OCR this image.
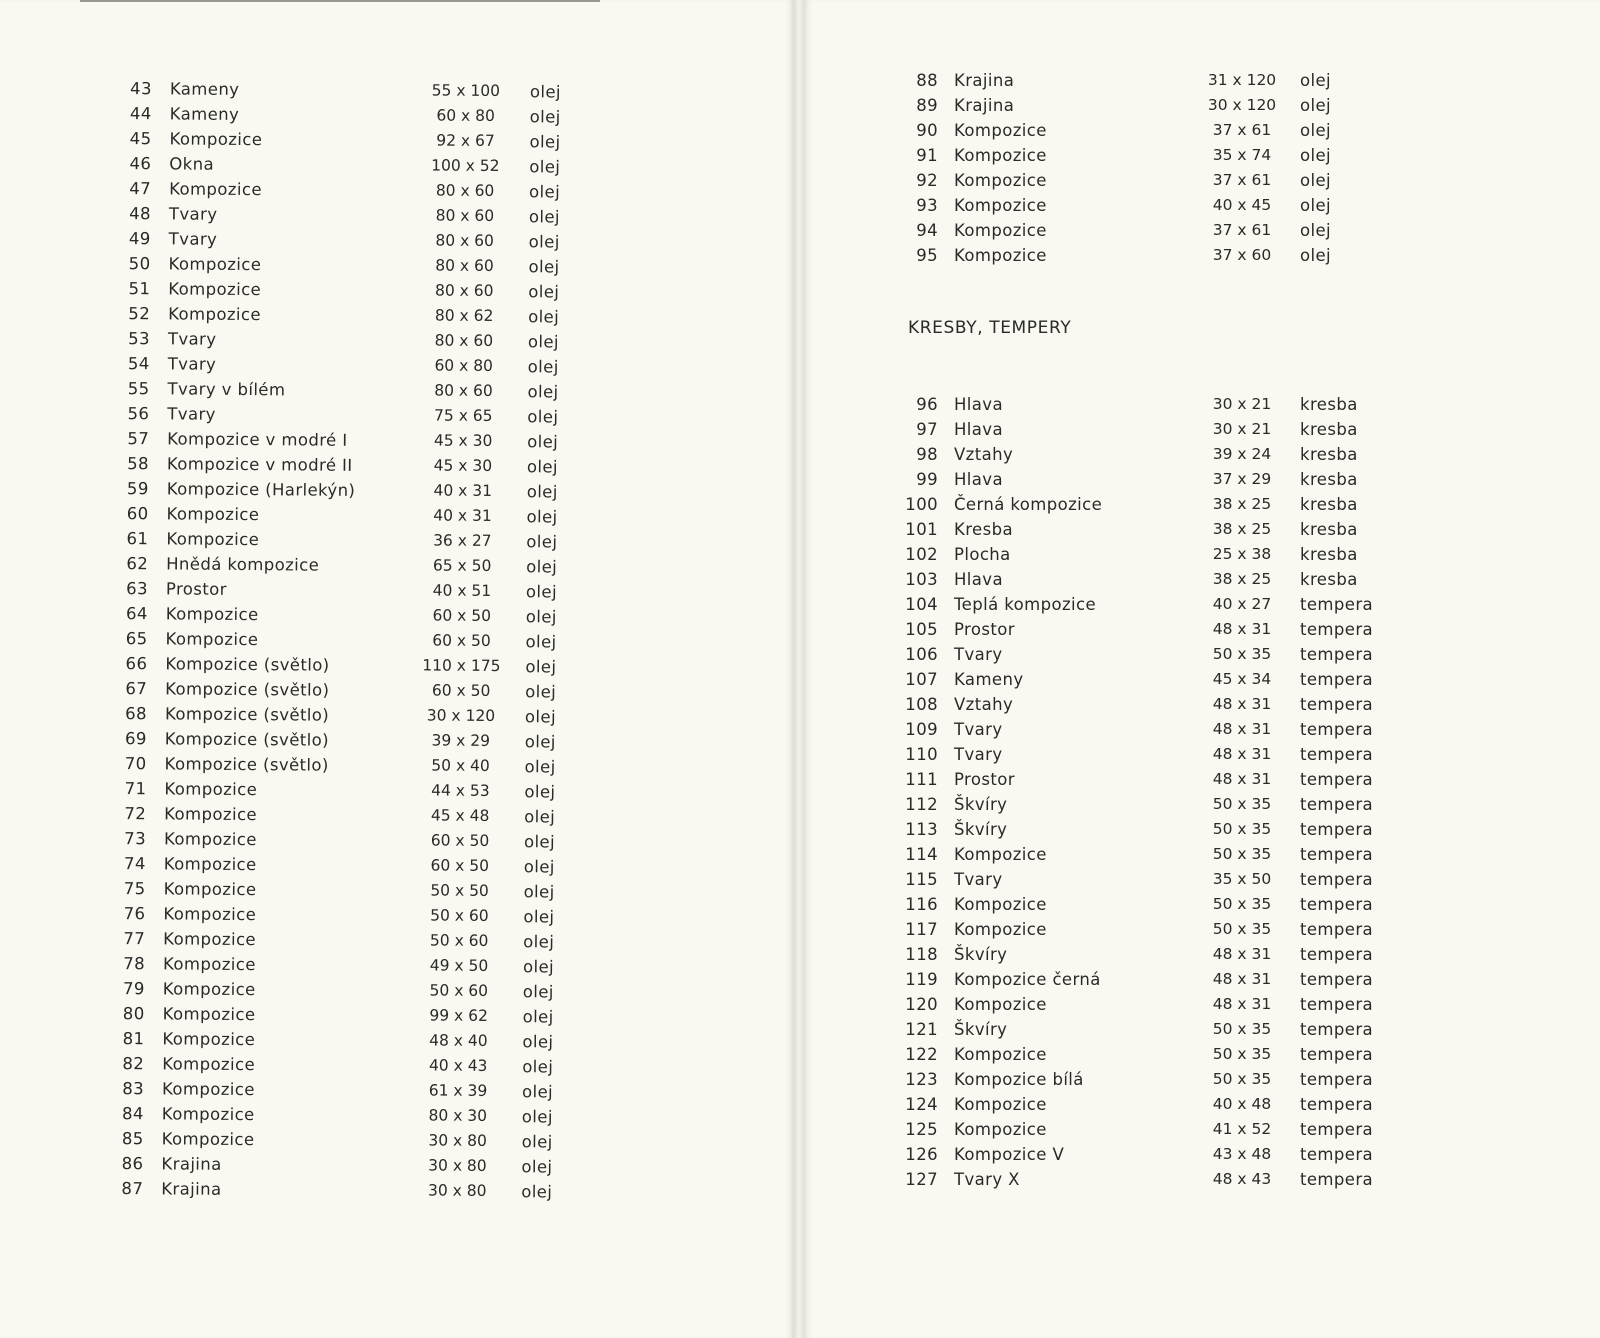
43 Kameny	55 x 100	olej
44 Kameny	60 x 80	olej
45 Kompozice	92 x 67	olej
46 Okna	100 x 52	olej
47 Kompozice	80 x 60	olej
48 Tvary	80 x 60	olej
49 Tvary	80 x 60	olej
50 Kompozice	80 x 60	olej
51 Kompozice	80 x 60	olej
52 Kompozice	80 x 62	olej
53 Tvary	80 x 60	olej
54 Tvary	60 x 80	olej
55 Tvary v bílém	80 x 60	olej
56 Tvary	75 x 65	olej
57 Kompozice v modré I	45 x 30	olej
58 Kompozice v modré II	45 x 30	olej
59 Kompozice (Harlekýn)	40 x 31	olej
60 Kompozice	40 x 31	olej
61 Kompozice	36 x 27	olej
62 Hnědá kompozice	65 x 50	olej
63 Prostor	40 x 51	olej
64 Kompozice	60 x 50	olej
65 Kompozice	60 x 50	olej
66 Kompozice (světlo)	110 x 175	olej
67 Kompozice (světlo)	60 x 50	olej
68 Kompozice (světlo)	30 x 120	olej
69 Kompozice (světlo)	39 x 29	olej
70 Kompozice (světlo)	50 x 40	olej
71 Kompozice	44 x 53	olej
72 Kompozice	45 x 48	olej
73 Kompozice	60 x 50	olej
74 Kompozice	60 x 50	olej
75 Kompozice	50 x 50	olej
76 Kompozice	50 x 60	olej
77 Kompozice	50 x 60	olej
78 Kompozice	49 x 50	olej
79 Kompozice	50 x 60	olej
80 Kompozice	99 x 62	olej
81 Kompozice	48 x 40	olej
82 Kompozice	40 x 43	olej
83 Kompozice	61 x 39	olej
84 Kompozice	80 x 30	olej
85 Kompozice	30 x 80	olej
86 Krajina	30 x 80	olej
87 Krajina	30 x 80	olej
88 Krajina	31 x 120	olej
89 Krajina	30 x 120	olej
90 Kompozice	37 x 61	olej
91 Kompozice	35 x 74	olej
92 Kompozice	37 x 61	olej
93 Kompozice	40 x 45	olej
94 Kompozice	37 x 61	olej
95 Kompozice	37 x 60	olej
KRESBY, TEMPERY
96 Hlava	30 x 21	kresba
97 Hlava	30 x 21	kresba
98 Vztahy	39 x 24	kresba
99 Hlava	37 x 29	kresba
100 Černá kompozice	38 x 25	kresba
101 Kresba	38 x 25	kresba
102 Plocha	25 x 38	kresba
103 Hlava	38 x 25	kresba
104 Teplá kompozice	40 x 27	tempera
105 Prostor	48 x 31	tempera
106 Tvary	50 x 35	tempera
107 Kameny	45 x 34	tempera
108 Vztahy	48 x 31	tempera
109 Tvary	48 x 31	tempera
110 Tvary	48 x 31	tempera
111 Prostor	48 x 31	tempera
112 Škvíry	50 x 35	tempera
113 Škvíry	50 x 35	tempera
114 Kompozice	50 x 35	tempera
115 Tvary	35 x 50	tempera
116 Kompozice	50 x 35	tempera
117 Kompozice	50 x 35	tempera
118 Škvíry	48 x 31	tempera
119 Kompozice černá	48 x 31	tempera
120 Kompozice	48 x 31	tempera
121 Škvíry	50 x 35	tempera
122 Kompozice	50 x 35	tempera
123 Kompozice bílá	50 x 35	tempera
124 Kompozice	40 x 48	tempera
125 Kompozice	41 x 52	tempera
126 Kompozice V	43 x 48	tempera
127 Tvary X	48 x 43	tempera
